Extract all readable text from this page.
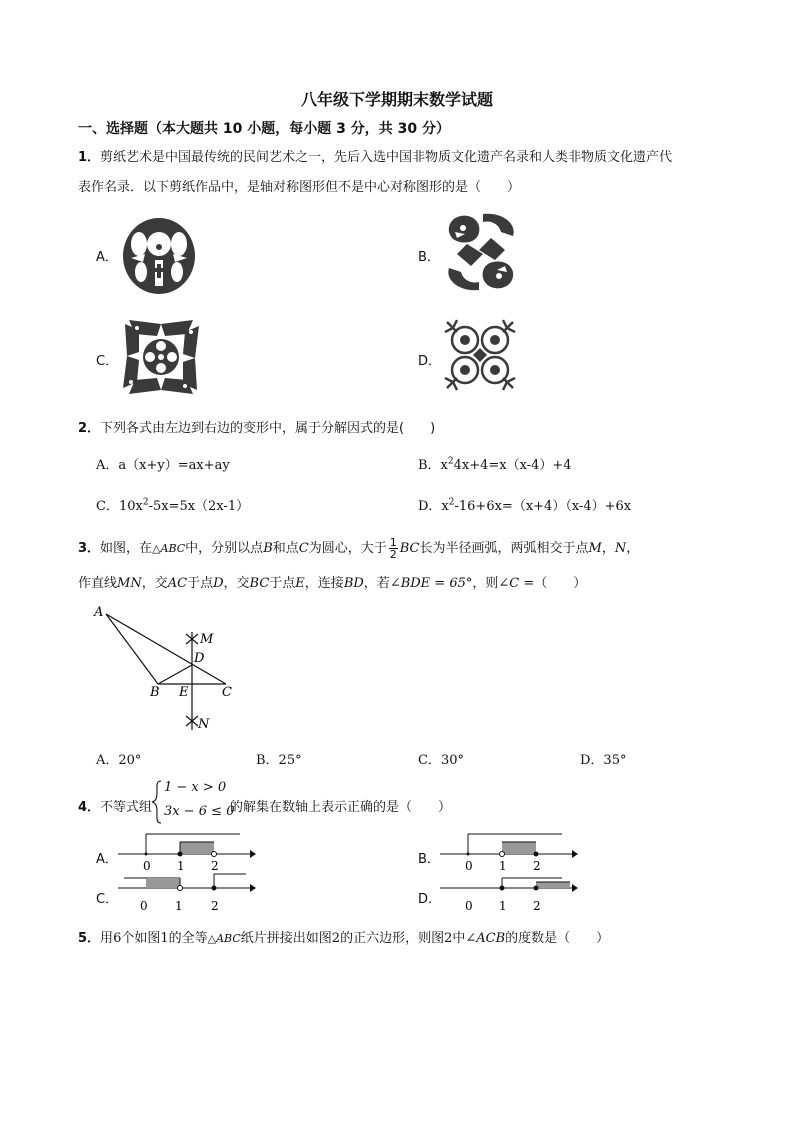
八年级下学期期末数学试题
一、选择题（本大题共 10 小题，每小题 3 分，共 30 分）
1．剪纸艺术是中国最传统的民间艺术之一，先后入选中国非物质文化遗产名录和人类非物质文化遗产代
表作名录．以下剪纸作品中，是轴对称图形但不是中心对称图形的是（　　）
A．	B．
C．	D．
2．下列各式由左边到右边的变形中，属于分解因式的是(　　)
A．a（x+y）=ax+ay	B．$x^24x+4=x(x-4)+4$
C．$10x^2-5x=5x(2x-1)$	D．$x^2-16+6x=(x+4)(x-4)+6x$
3．如图，在△ABC中，分别以点B和点C为圆心，大于 $\frac{1}{2}$ BC长为半径画弧，两弧相交于点M，N，
作直线MN，交AC于点D，交BC于点E，连接BD，若∠BDE = 65°，则∠C =（　　）
A
M
D
B E	C
N
A．20°	B．25°	C．30°	D．35°
4．不等式组
1 − x > 0
3x − 6 ≤ 0
的解集在数轴上表示正确的是（　　）
A． 0 1 2	B． 0 1 2
C． 0 1 2	D． 0 1 2
5．用6个如图1的全等△ABC纸片拼接出如图2的正六边形，则图2中∠ACB的度数是（　　）
